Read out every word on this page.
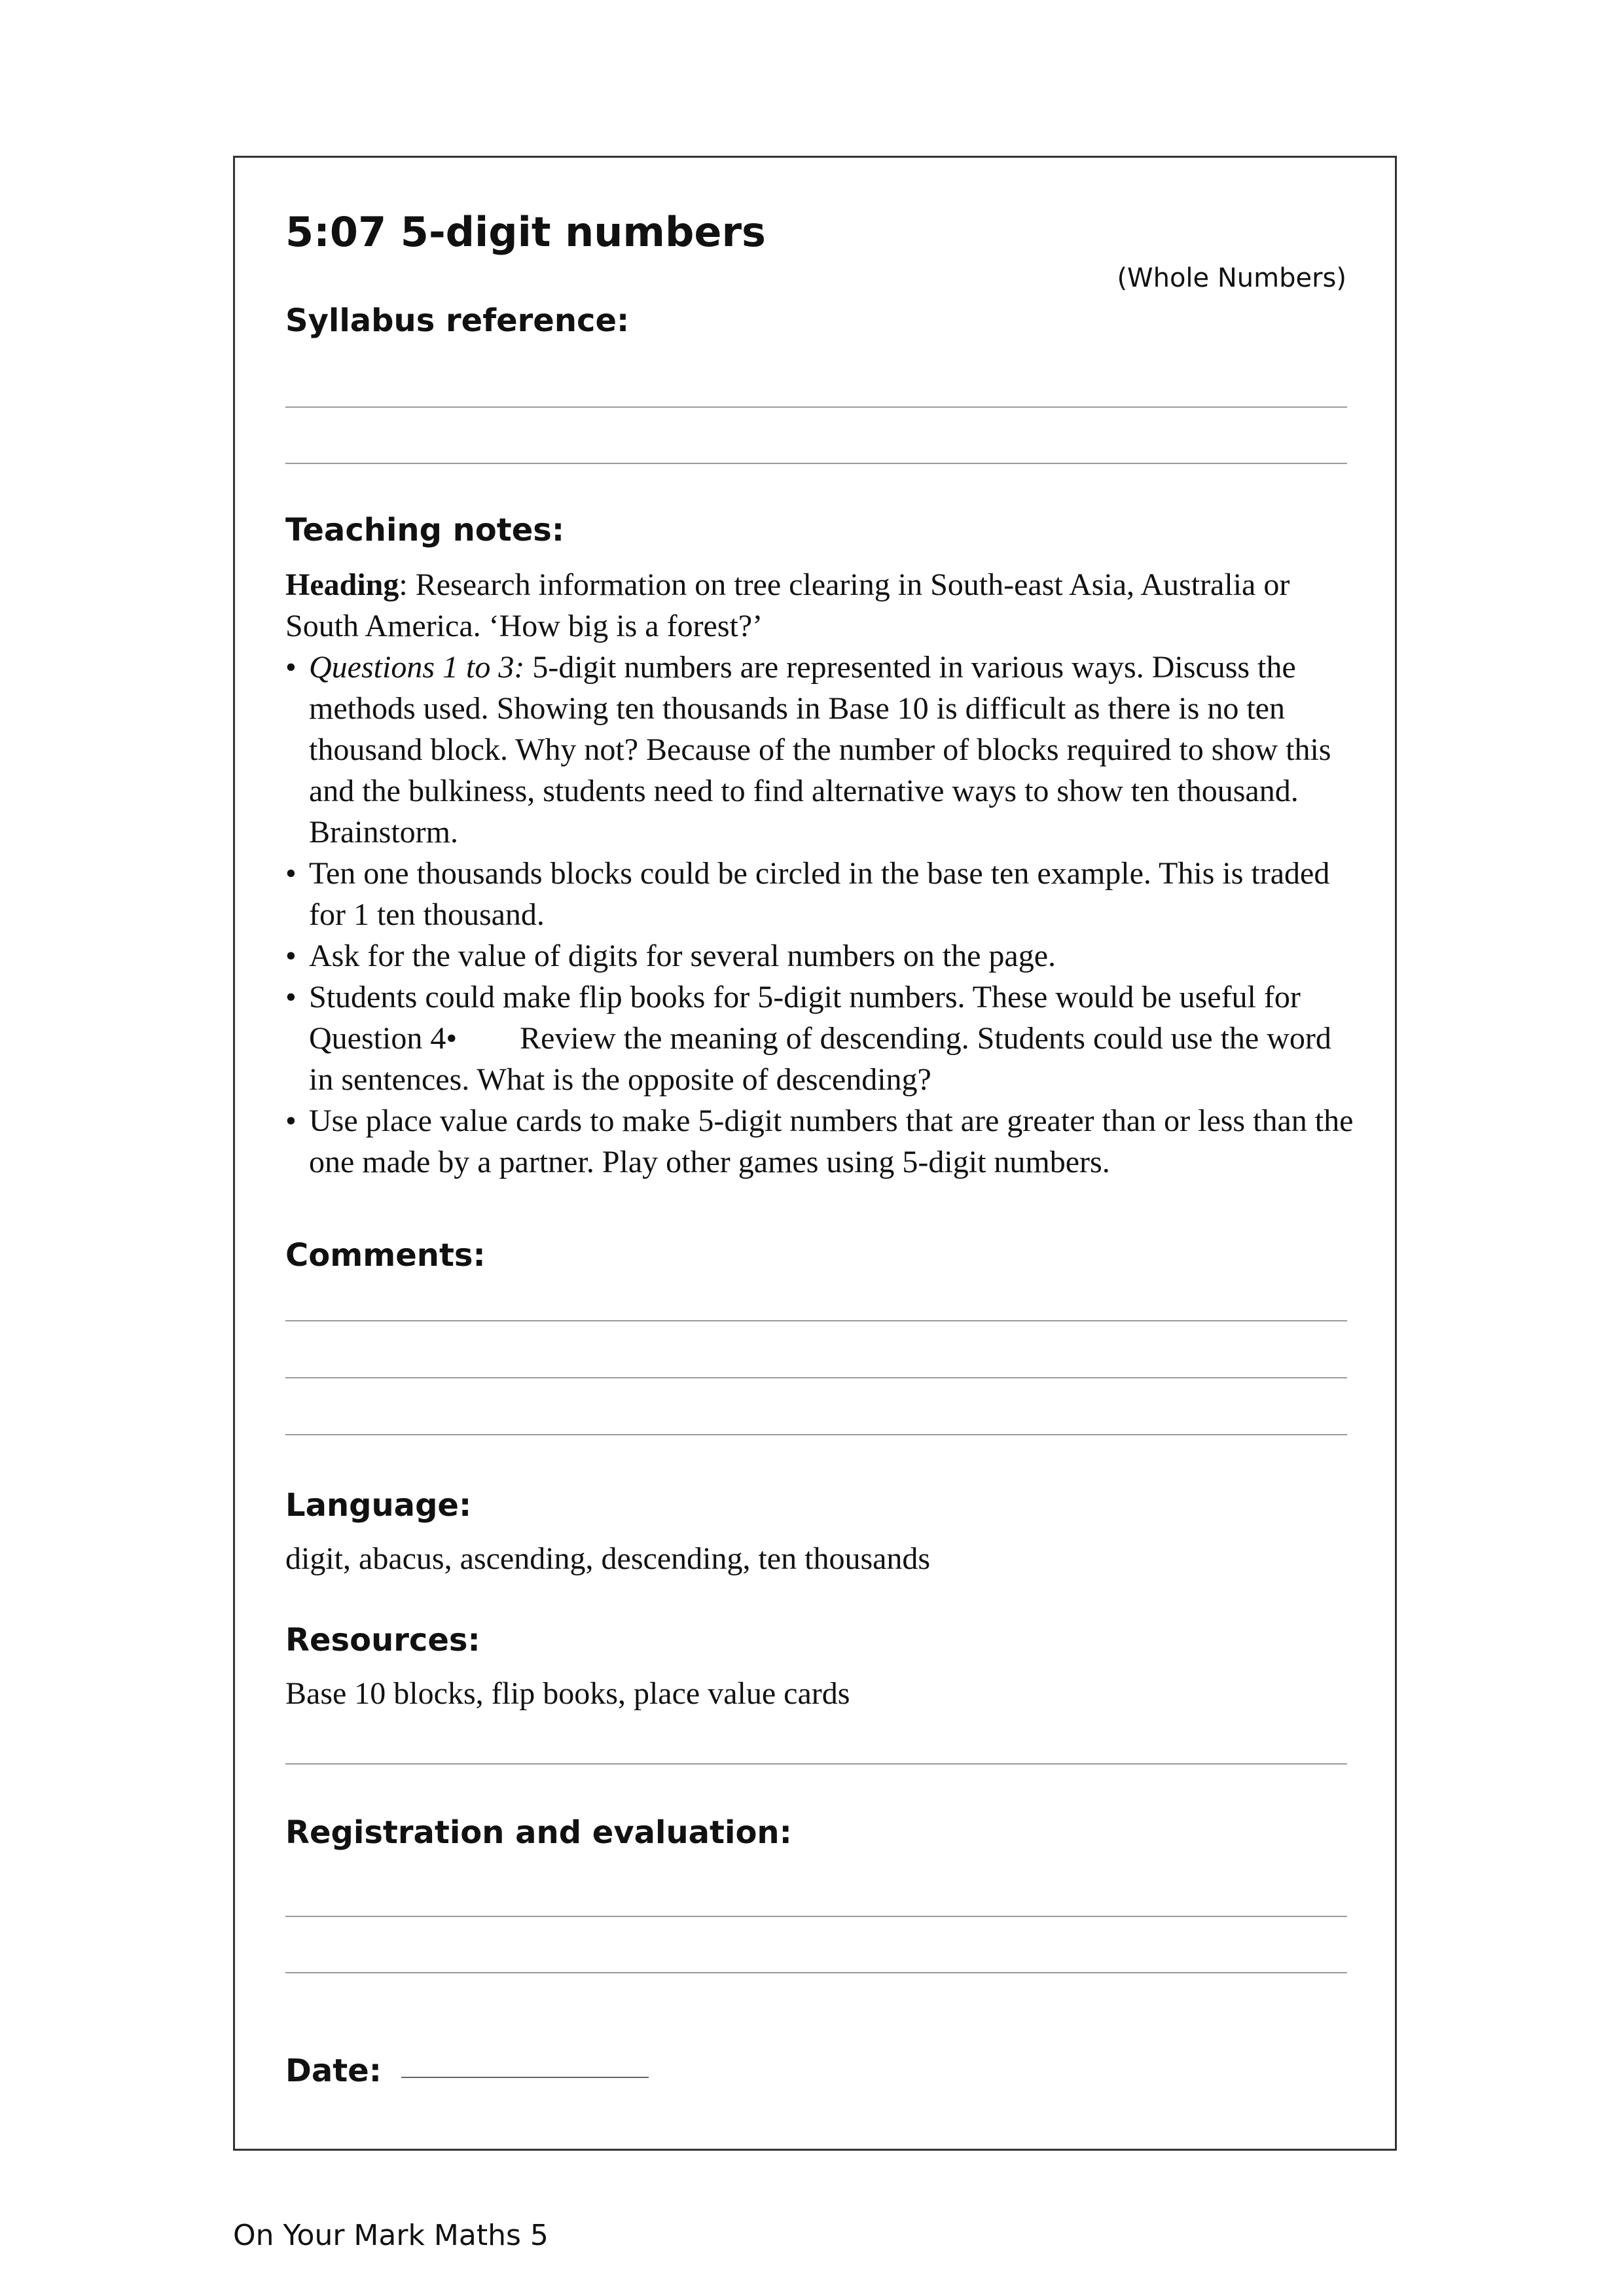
5:07 5-digit numbers
(Whole Numbers)
Syllabus reference:
Teaching notes:

Heading: Research information on tree clearing in South-east Asia, Australia or South America. ‘How big is a forest?’

• Questions 1 to 3: 5-digit numbers are represented in various ways. Discuss the methods used. Showing ten thousands in Base 10 is difficult as there is no ten thousand block. Why not? Because of the number of blocks required to show this and the bulkiness, students need to find alternative ways to show ten thousand. Brainstorm.
• Ten one thousands blocks could be circled in the base ten example. This is traded for 1 ten thousand.
• Ask for the value of digits for several numbers on the page.
• Students could make flip books for 5-digit numbers. These would be useful for Question 4•  Review the meaning of descending. Students could use the word in sentences. What is the opposite of descending?
• Use place value cards to make 5-digit numbers that are greater than or less than the one made by a partner. Play other games using 5-digit numbers.
Comments:
Language:
digit, abacus, ascending, descending, ten thousands
Resources:
Base 10 blocks, flip books, place value cards
Registration and evaluation:
Date:
On Your Mark Maths 5
